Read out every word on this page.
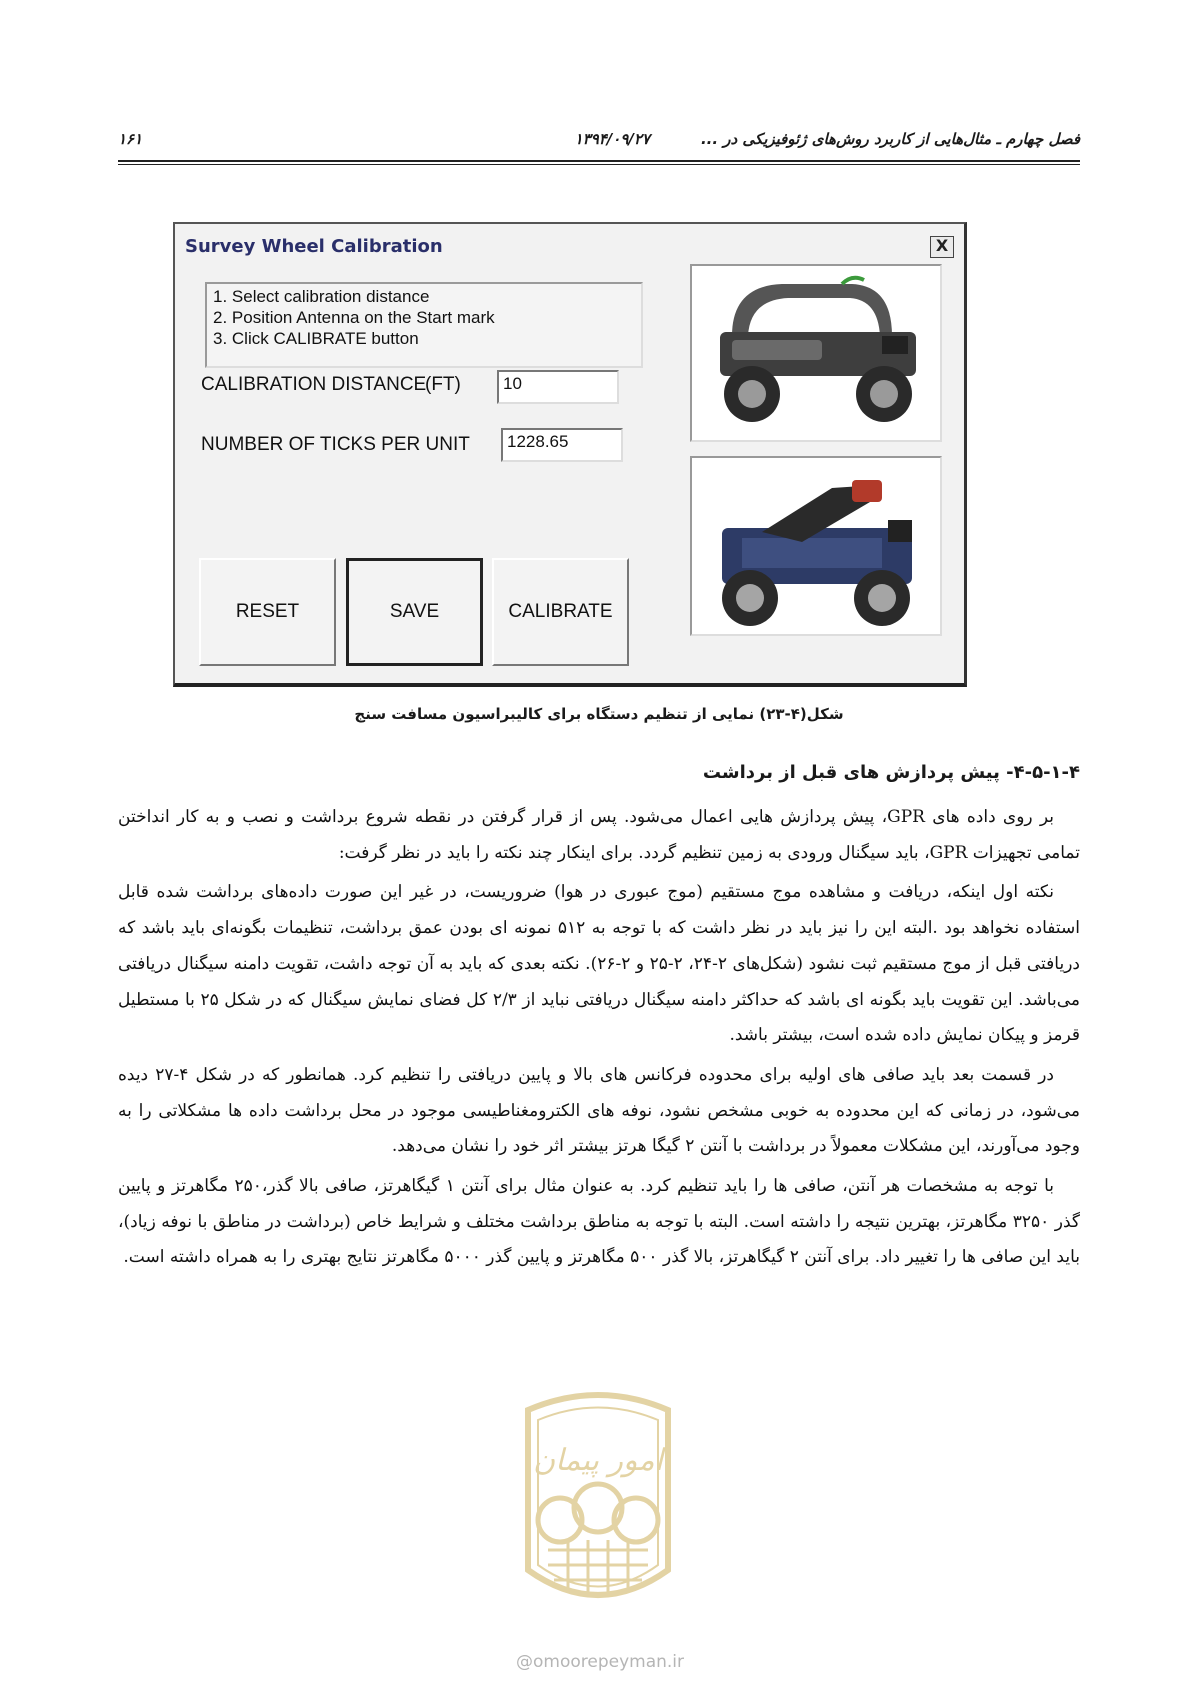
فصل چهارم ـ مثال‌هایی از کاربرد روش‌های ژئوفیزیکی در ...
۱۳۹۴/۰۹/۲۷
۱۶۱
Survey Wheel Calibration	X
1. Select calibration distance
2. Position Antenna on the Start mark
3. Click CALIBRATE button
CALIBRATION DISTANCE
(FT)	10
NUMBER OF TICKS PER UNIT	1228.65
RESET	SAVE	CALIBRATE
شکل(۴-۲۳) نمایی از تنظیم دستگاه برای کالیبراسیون مسافت سنج
۴-۵-۱-۴- پیش پردازش های قبل از برداشت

بر روی داده های GPR، پیش پردازش هایی اعمال می‌شود. پس از قرار گرفتن در نقطه شروع برداشت و نصب و به کار انداختن تمامی تجهیزات GPR، باید سیگنال ورودی به زمین تنظیم گردد. برای اینکار چند نکته را باید در نظر گرفت:

نکته اول اینکه، دریافت و مشاهده موج مستقیم (موج عبوری در هوا) ضروریست، در غیر این صورت داده‌های برداشت شده قابل استفاده نخواهد بود .البته این را نیز باید در نظر داشت که با توجه به ۵۱۲ نمونه ای بودن عمق برداشت، تنظیمات بگونه‌ای باید باشد که دریافتی قبل از موج مستقیم ثبت نشود (شکل‌های ۲-۲۴، ۲-۲۵ و ۲-۲۶). نکته بعدی که باید به آن توجه داشت، تقویت دامنه سیگنال دریافتی می‌باشد. این تقویت باید بگونه ای باشد که حداکثر دامنه سیگنال دریافتی نباید از ۲/۳ کل فضای نمایش سیگنال که در شکل ۲۵ با مستطیل قرمز و پیکان نمایش داده شده است، بیشتر باشد.

در قسمت بعد باید صافی های اولیه برای محدوده فرکانس های بالا و پایین دریافتی را تنظیم کرد. همانطور که در شکل ۴-۲۷ دیده می‌شود، در زمانی که این محدوده به خوبی مشخص نشود، نوفه های الکترومغناطیسی موجود در محل برداشت داده ها مشکلاتی را به وجود می‌آورند، این مشکلات معمولاً در برداشت با آنتن ۲ گیگا هرتز بیشتر اثر خود را نشان می‌دهد.

با توجه به مشخصات هر آنتن، صافی ها را باید تنظیم کرد. به عنوان مثال برای آنتن ۱ گیگاهرتز، صافی بالا گذر،۲۵۰ مگاهرتز و پایین گذر ۳۲۵۰ مگاهرتز، بهترین نتیجه را داشته است. البته با توجه به مناطق برداشت مختلف و شرایط خاص (برداشت در مناطق با نوفه زیاد)، باید این صافی ها را تغییر داد. برای آنتن ۲ گیگاهرتز، بالا گذر ۵۰۰ مگاهرتز و پایین گذر ۵۰۰۰ مگاهرتز نتایج بهتری را به همراه داشته است.

امور پیمان
@omoorepeyman.ir
